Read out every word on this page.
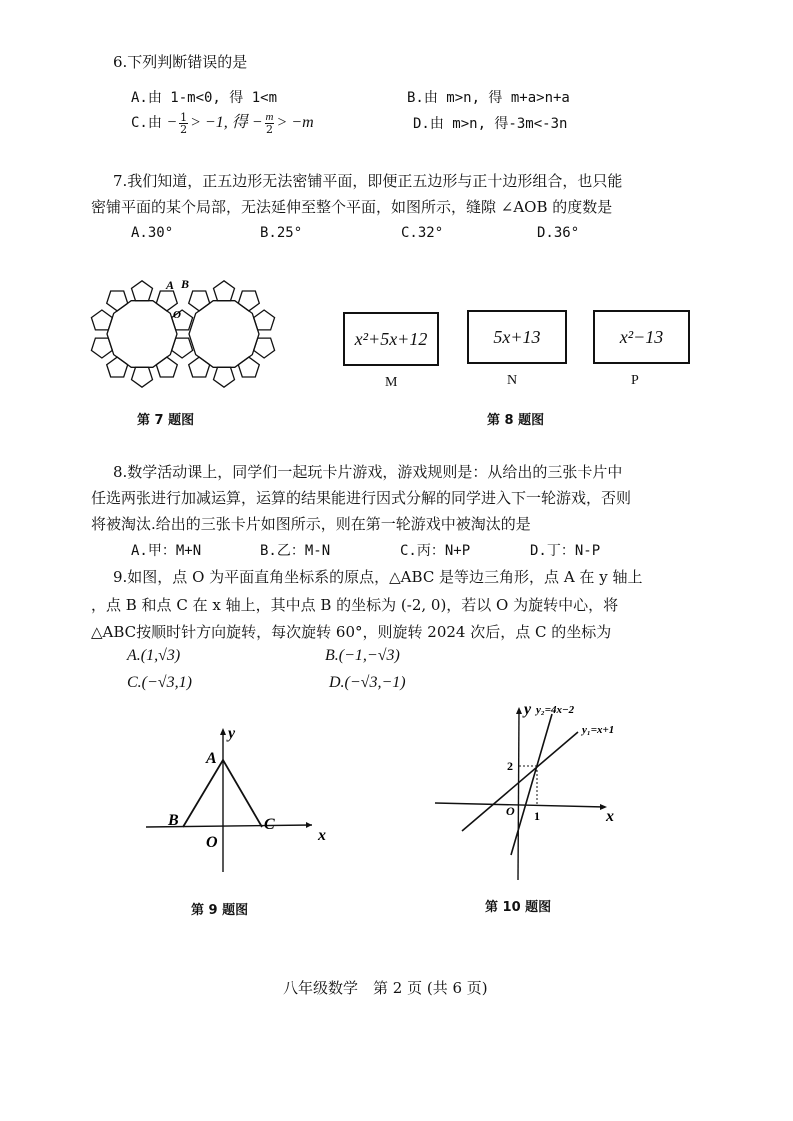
6.下列判断错误的是
A.由 1-m<0, 得 1<m	B.由 m>n, 得 m+a>n+a
C.由 − $\frac{1}{2} > -1$, 得 − $\frac{m}{2} > -m$	D.由 m>n, 得-3m<-3n
7.我们知道，正五边形无法密铺平面，即便正五边形与正十边形组合，也只能
密铺平面的某个局部，无法延伸至整个平面，如图所示，缝隙 ∠AOB 的度数是
A.30°	B.25°	C.32°	D.36°
A B
O
第 7 题图
x²+5x+12	5x+13	x²−13
M	N	P
第 8 题图
8.数学活动课上，同学们一起玩卡片游戏，游戏规则是：从给出的三张卡片中
任选两张进行加减运算，运算的结果能进行因式分解的同学进入下一轮游戏，否则
将被淘汰.给出的三张卡片如图所示，则在第一轮游戏中被淘汰的是
A.甲：M+N	B.乙：M-N	C.丙：N+P	D.丁：N-P
9.如图，点 O 为平面直角坐标系的原点，△ABC 是等边三角形，点 A 在 y 轴上
，点 B 和点 C 在 x 轴上，其中点 B 的坐标为 (-2, 0)，若以 O 为旋转中心，将
△ABC按顺时针方向旋转，每次旋转 60°，则旋转 2024 次后，点 C 的坐标为
A.(1,√3)	B.(−1,−√3)
C.(−√3,1)	D.(−√3,−1)
A
B	C
O	x
y
第 9 题图
y₂=4x−2
y₁=x+1
2
1
O	x
y
第 10 题图
八年级数学　第 2 页 (共 6 页)
